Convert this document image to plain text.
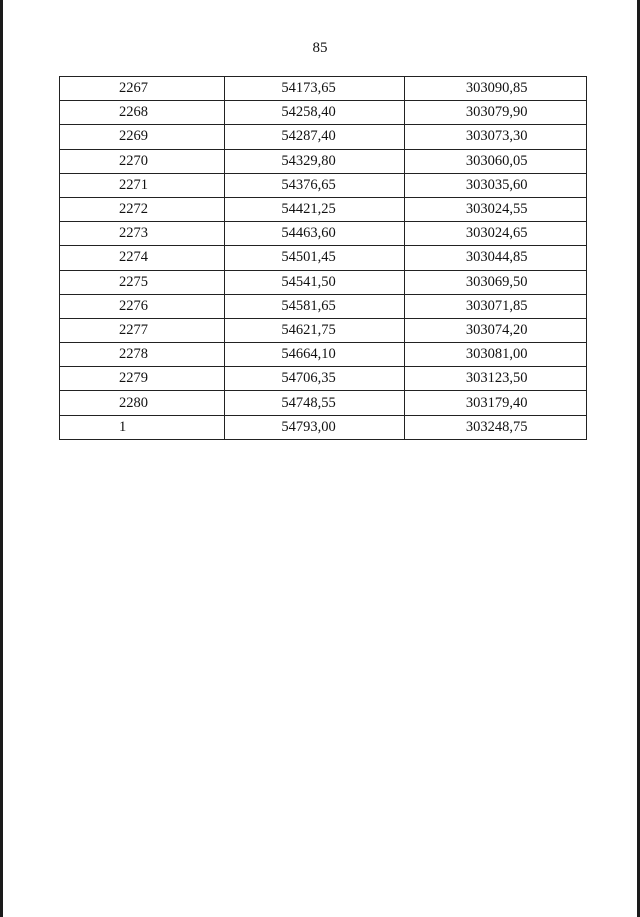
85
2267	54173,65	303090,85
2268	54258,40	303079,90
2269	54287,40	303073,30
2270	54329,80	303060,05
2271	54376,65	303035,60
2272	54421,25	303024,55
2273	54463,60	303024,65
2274	54501,45	303044,85
2275	54541,50	303069,50
2276	54581,65	303071,85
2277	54621,75	303074,20
2278	54664,10	303081,00
2279	54706,35	303123,50
2280	54748,55	303179,40
1	54793,00	303248,75
